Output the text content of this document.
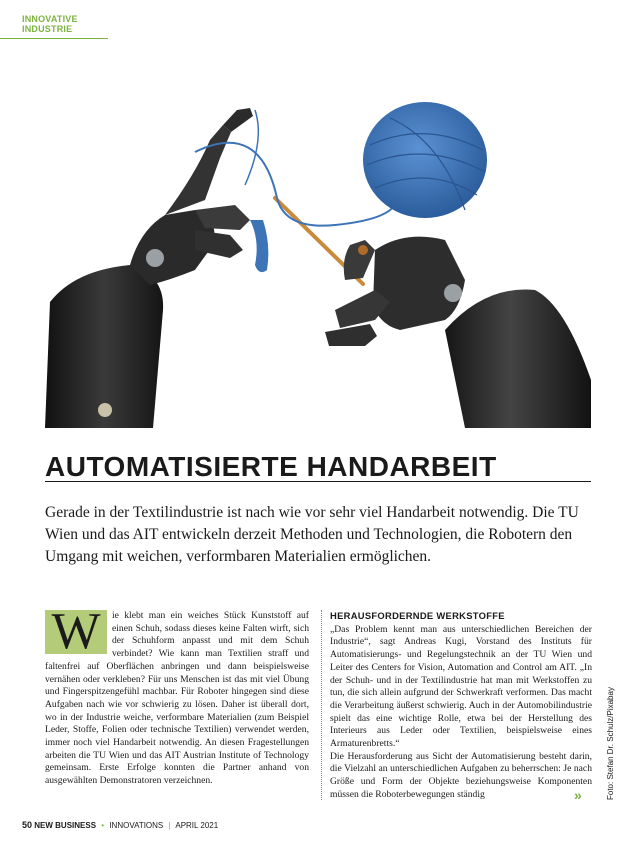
INNOVATIVE INDUSTRIE
AUTOMATISIERTE HANDARBEIT

Gerade in der Textilindustrie ist nach wie vor sehr viel Handarbeit notwendig. Die TU Wien und das AIT entwickeln derzeit Methoden und Technologien, die Robotern den Umgang mit weichen, verformbaren Materialien ermöglichen.

W	ie klebt man ein weiches Stück Kunststoff auf einen Schuh, sodass dieses keine Falten wirft, sich der Schuhform anpasst und mit dem Schuh verbindet? Wie kann man Textilien straff und faltenfrei auf Oberflächen anbringen und dann beispielsweise vernähen oder verkleben? Für uns Menschen ist das mit viel Übung und Fingerspitzengefühl machbar. Für Roboter hingegen sind diese Aufgaben nach wie vor schwierig zu lösen. Daher ist überall dort, wo in der Industrie weiche, verformbare Materialien (zum Beispiel Leder, Stoffe, Folien oder technische Textilien) verwendet werden, immer noch viel Handarbeit notwendig. An diesen Fragestellungen arbeiten die TU Wien und das AIT Austrian Institute of Technology gemeinsam. Erste Erfolge konnten die Partner anhand von ausgewählten Demonstratoren verzeichnen.

HERAUSFORDERNDE WERKSTOFFE

„Das Problem kennt man aus unterschiedlichen Bereichen der Industrie“, sagt Andreas Kugi, Vorstand des Instituts für Automatisierungs- und Regelungstechnik an der TU Wien und Leiter des Centers for Vision, Automation and Control am AIT. „In der Schuh- und in der Textilindustrie hat man mit Werkstoffen zu tun, die sich allein aufgrund der Schwerkraft verformen. Das macht die Verarbeitung äußerst schwierig. Auch in der Automobilindustrie spielt das eine wichtige Rolle, etwa bei der Herstellung des Interieurs aus Leder oder Textilien, beispielsweise eines Armaturenbretts.“

Die Herausforderung aus Sicht der Automatisierung besteht darin, die Vielzahl an unterschiedlichen Aufgaben zu beherrschen: Je nach Größe und Form der Objekte beziehungsweise Komponenten müssen die Roboterbewegungen ständig	»	Foto: Stefan Dr. Schulz/Pixabay
50 NEW BUSINESS • INNOVATIONS | APRIL 2021
